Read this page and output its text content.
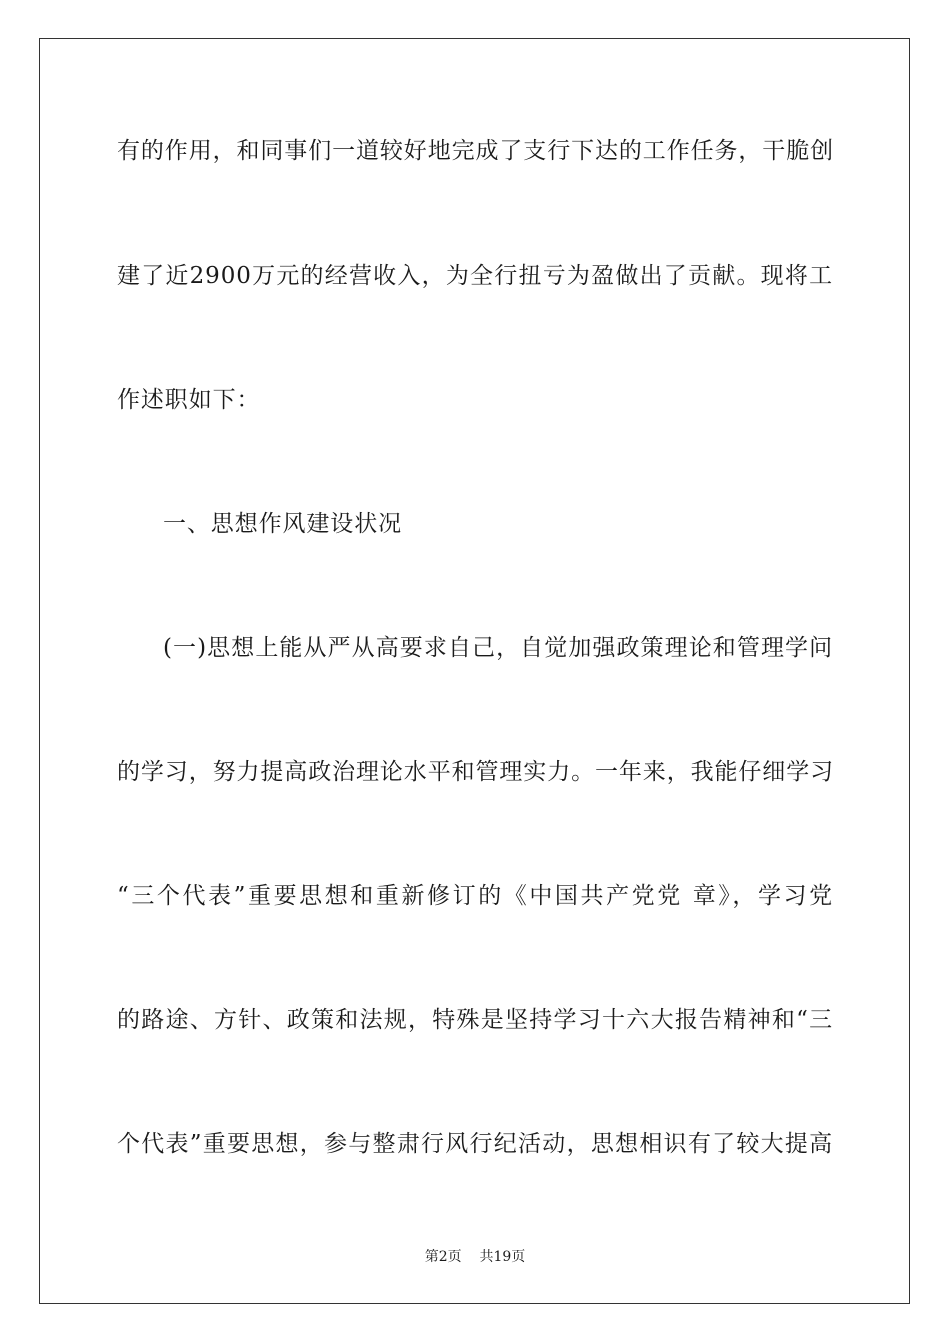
有的作用，和同事们一道较好地完成了支行下达的工作任务，干脆创
建了近2900万元的经营收入，为全行扭亏为盈做出了贡献。现将工
作述职如下：
一、思想作风建设状况
(一)思想上能从严从高要求自己，自觉加强政策理论和管理学问
的学习，努力提高政治理论水平和管理实力。一年来，我能仔细学习
“三个代表”重要思想和重新修订的《中国共产党党 章》，学习党
的路途、方针、政策和法规，特殊是坚持学习十六大报告精神和“三
个代表”重要思想，参与整肃行风行纪活动，思想相识有了较大提高
第2页    共19页
